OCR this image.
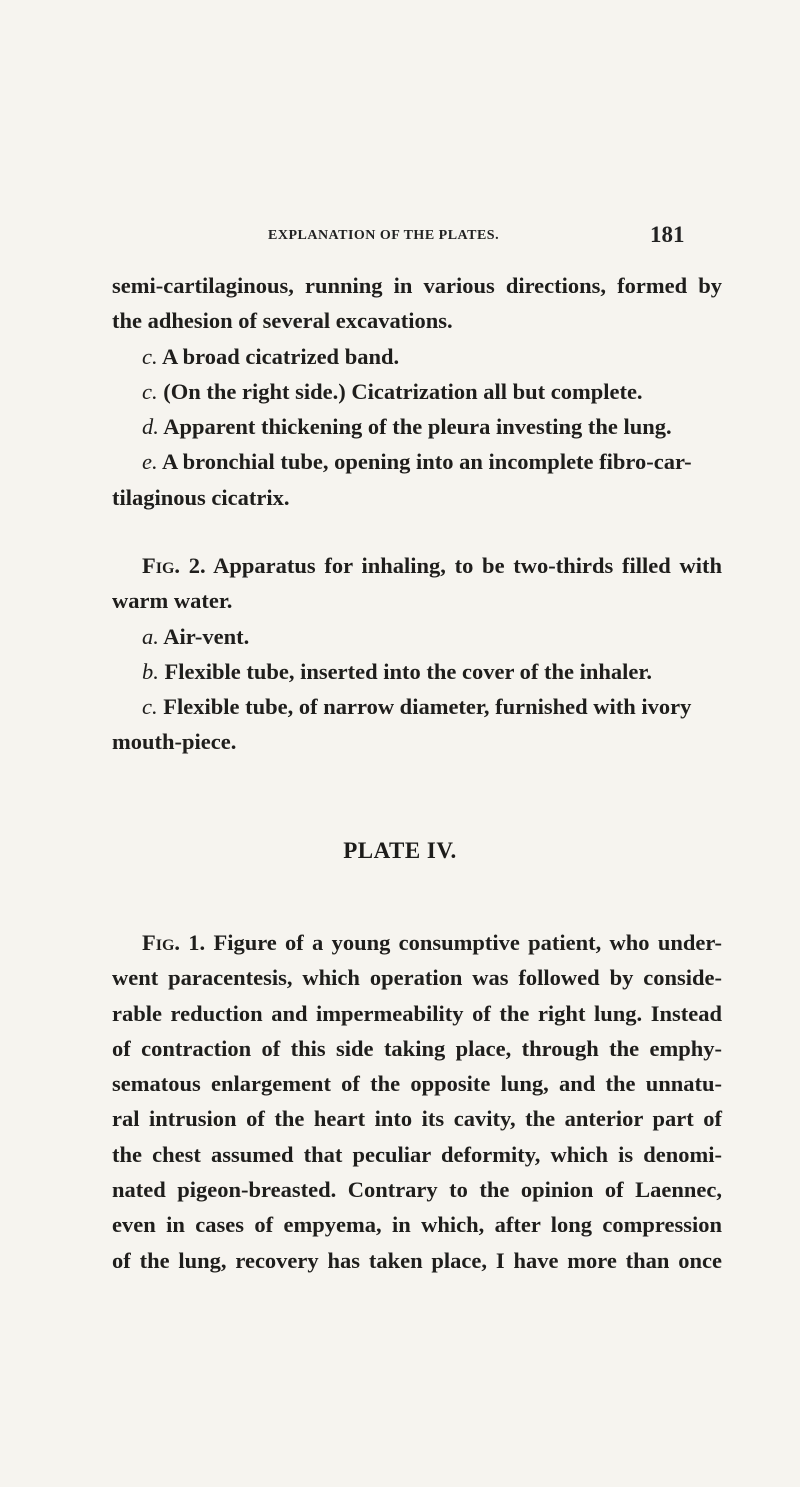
EXPLANATION OF THE PLATES.	181
semi-cartilaginous, running in various directions, formed by
the adhesion of several excavations.
c. A broad cicatrized band.
c. (On the right side.) Cicatrization all but complete.
d. Apparent thickening of the pleura investing the lung.
e. A bronchial tube, opening into an incomplete fibro-car-
tilaginous cicatrix.
Fig. 2. Apparatus for inhaling, to be two-thirds filled with
warm water.
a. Air-vent.
b. Flexible tube, inserted into the cover of the inhaler.
c. Flexible tube, of narrow diameter, furnished with ivory
mouth-piece.
PLATE IV.
Fig. 1. Figure of a young consumptive patient, who under-
went paracentesis, which operation was followed by conside-
rable reduction and impermeability of the right lung. Instead
of contraction of this side taking place, through the emphy-
sematous enlargement of the opposite lung, and the unnatu-
ral intrusion of the heart into its cavity, the anterior part of
the chest assumed that peculiar deformity, which is denomi-
nated pigeon-breasted. Contrary to the opinion of Laennec,
even in cases of empyema, in which, after long compression
of the lung, recovery has taken place, I have more than once
